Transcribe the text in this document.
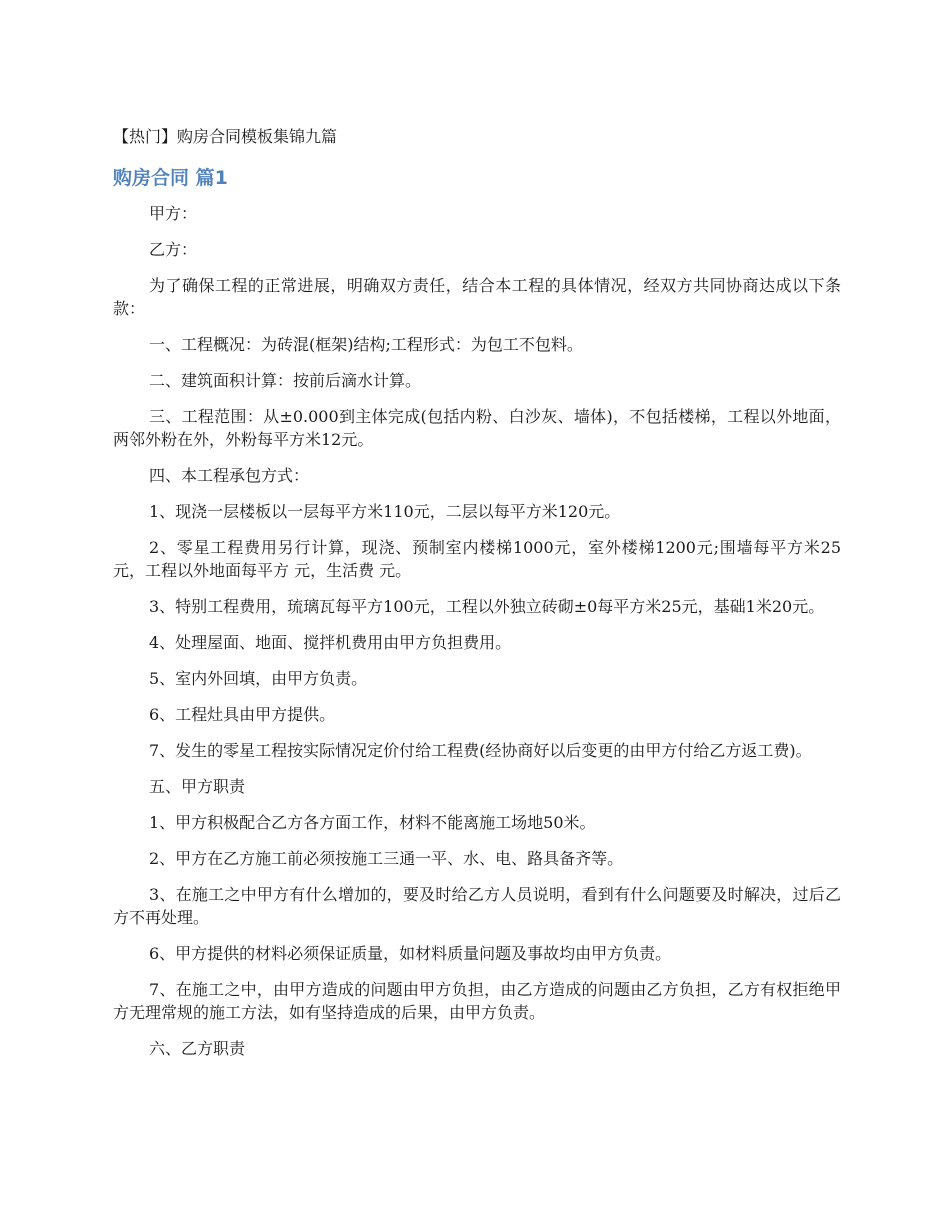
【热门】购房合同模板集锦九篇
购房合同 篇1

甲方：

乙方：

为了确保工程的正常进展，明确双方责任，结合本工程的具体情况，经双方共同协商达成以下条款：

一、工程概况：为砖混(框架)结构;工程形式：为包工不包料。

二、建筑面积计算：按前后滴水计算。

三、工程范围：从±0.000到主体完成(包括内粉、白沙灰、墙体)，不包括楼梯，工程以外地面，两邻外粉在外，外粉每平方米12元。

四、本工程承包方式：

1、现浇一层楼板以一层每平方米110元，二层以每平方米120元。

2、零星工程费用另行计算，现浇、预制室内楼梯1000元，室外楼梯1200元;围墙每平方米25元，工程以外地面每平方 元，生活费 元。

3、特别工程费用，琉璃瓦每平方100元，工程以外独立砖砌±0每平方米25元，基础1米20元。

4、处理屋面、地面、搅拌机费用由甲方负担费用。

5、室内外回填，由甲方负责。

6、工程灶具由甲方提供。

7、发生的零星工程按实际情况定价付给工程费(经协商好以后变更的由甲方付给乙方返工费)。

五、甲方职责

1、甲方积极配合乙方各方面工作，材料不能离施工场地50米。

2、甲方在乙方施工前必须按施工三通一平、水、电、路具备齐等。

3、在施工之中甲方有什么增加的，要及时给乙方人员说明，看到有什么问题要及时解决，过后乙方不再处理。

6、甲方提供的材料必须保证质量，如材料质量问题及事故均由甲方负责。

7、在施工之中，由甲方造成的问题由甲方负担，由乙方造成的问题由乙方负担，乙方有权拒绝甲方无理常规的施工方法，如有坚持造成的后果，由甲方负责。

六、乙方职责
